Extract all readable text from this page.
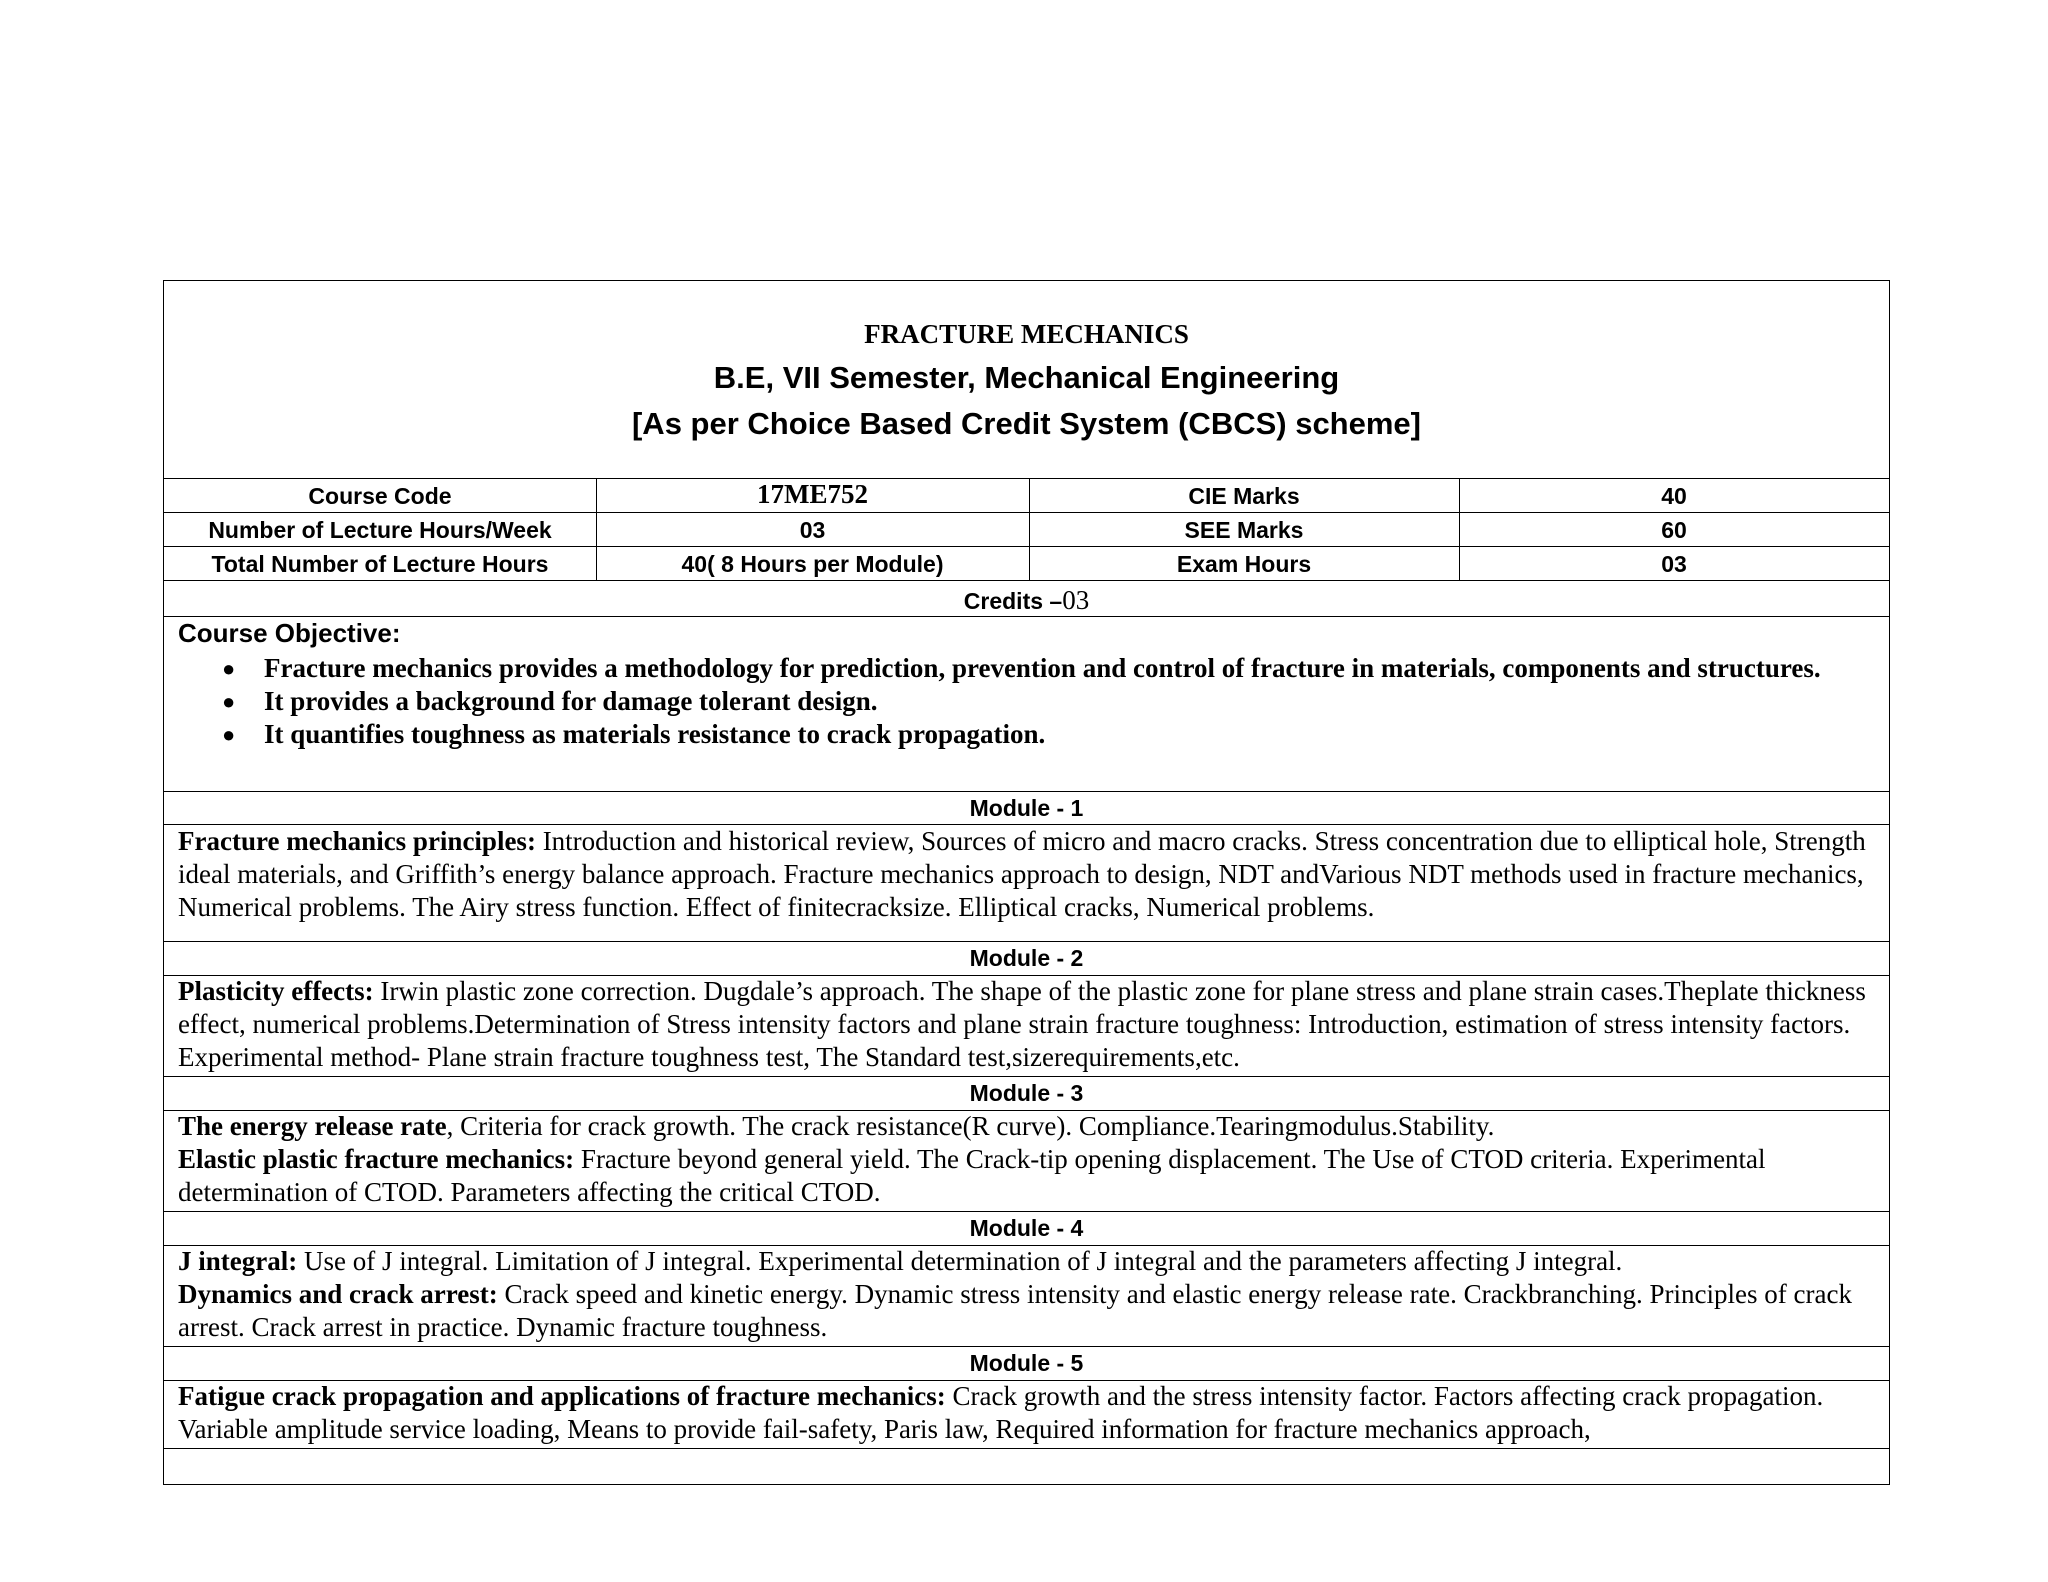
FRACTURE MECHANICS
B.E, VII Semester, Mechanical Engineering
[As per Choice Based Credit System (CBCS) scheme]
Course Code	17ME752	CIE Marks	40
Number of Lecture Hours/Week	03	SEE Marks	60
Total Number of Lecture Hours	40( 8 Hours per Module)	Exam Hours	03
Credits –03
Course Objective:
● Fracture mechanics provides a methodology for prediction, prevention and control of fracture in materials, components and structures.
● It provides a background for damage tolerant design.
● It quantifies toughness as materials resistance to crack propagation.
Module - 1

Fracture mechanics principles: Introduction and historical review, Sources of micro and macro cracks. Stress concentration due to elliptical hole, Strength ideal materials, and Griffith’s energy balance approach. Fracture mechanics approach to design, NDT andVarious NDT methods used in fracture mechanics, Numerical problems. The Airy stress function. Effect of finitecracksize. Elliptical cracks, Numerical problems.

Module - 2

Plasticity effects: Irwin plastic zone correction. Dugdale’s approach. The shape of the plastic zone for plane stress and plane strain cases.Theplate thickness effect, numerical problems.Determination of Stress intensity factors and plane strain fracture toughness: Introduction, estimation of stress intensity factors. Experimental method- Plane strain fracture toughness test, The Standard test,sizerequirements,etc.

Module - 3

The energy release rate, Criteria for crack growth. The crack resistance(R curve). Compliance.Tearingmodulus.Stability.

Elastic plastic fracture mechanics: Fracture beyond general yield. The Crack-tip opening displacement. The Use of CTOD criteria. Experimental determination of CTOD. Parameters affecting the critical CTOD.

Module - 4

J integral: Use of J integral. Limitation of J integral. Experimental determination of J integral and the parameters affecting J integral.

Dynamics and crack arrest: Crack speed and kinetic energy. Dynamic stress intensity and elastic energy release rate. Crackbranching. Principles of crack arrest. Crack arrest in practice. Dynamic fracture toughness.

Module - 5

Fatigue crack propagation and applications of fracture mechanics: Crack growth and the stress intensity factor. Factors affecting crack propagation. Variable amplitude service loading, Means to provide fail-safety, Paris law, Required information for fracture mechanics approach,
